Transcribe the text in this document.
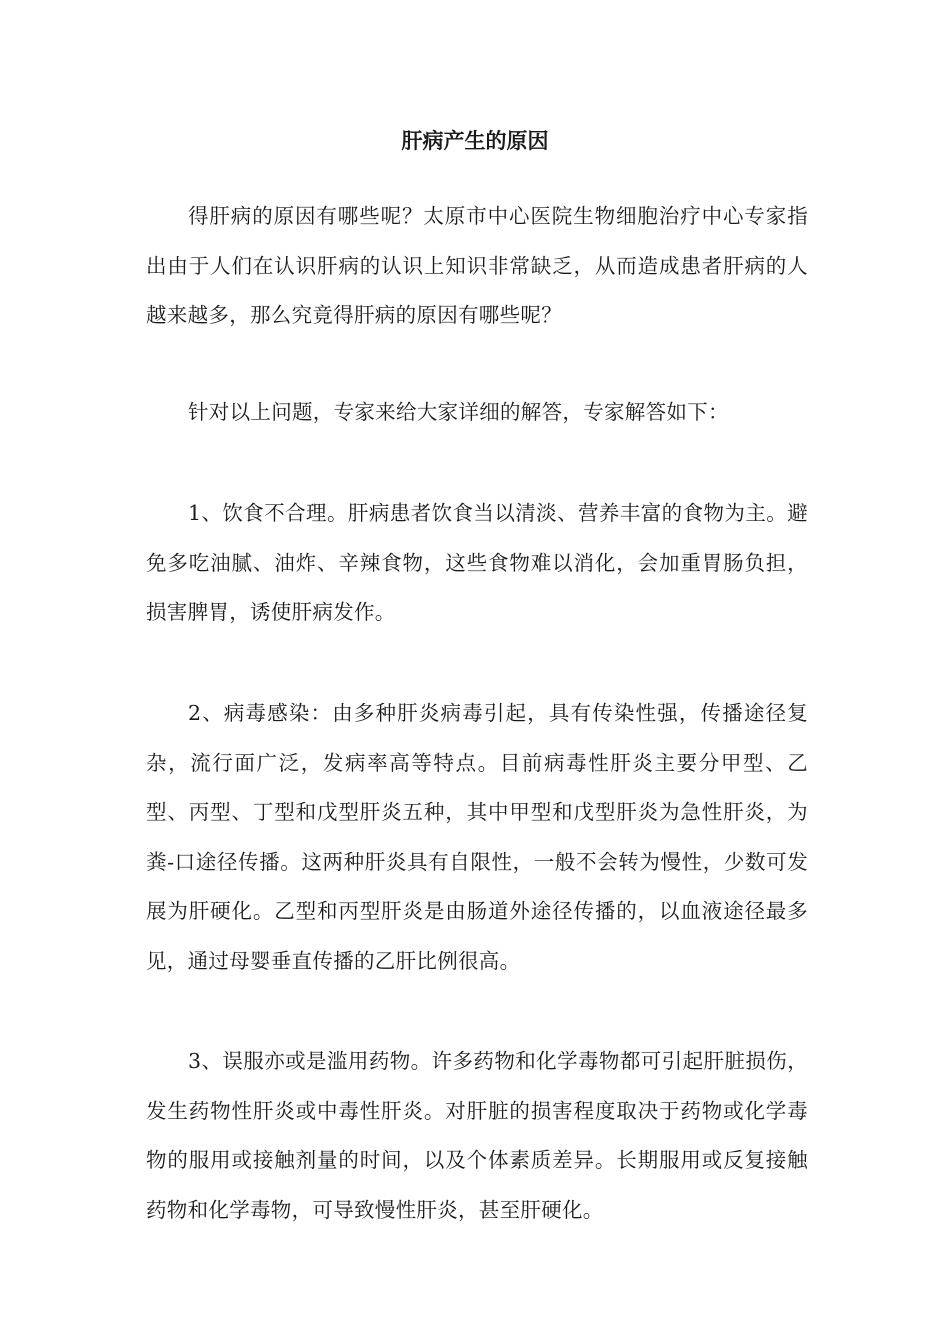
肝病产生的原因

得肝病的原因有哪些呢？太原市中心医院生物细胞治疗中心专家指出由于人们在认识肝病的认识上知识非常缺乏，从而造成患者肝病的人越来越多，那么究竟得肝病的原因有哪些呢？

针对以上问题，专家来给大家详细的解答，专家解答如下：

1、饮食不合理。肝病患者饮食当以清淡、营养丰富的食物为主。避免多吃油腻、油炸、辛辣食物，这些食物难以消化，会加重胃肠负担，损害脾胃，诱使肝病发作。

2、病毒感染：由多种肝炎病毒引起，具有传染性强，传播途径复杂，流行面广泛，发病率高等特点。目前病毒性肝炎主要分甲型、乙型、丙型、丁型和戊型肝炎五种，其中甲型和戊型肝炎为急性肝炎，为粪-口途径传播。这两种肝炎具有自限性，一般不会转为慢性，少数可发展为肝硬化。乙型和丙型肝炎是由肠道外途径传播的，以血液途径最多见，通过母婴垂直传播的乙肝比例很高。

3、误服亦或是滥用药物。许多药物和化学毒物都可引起肝脏损伤，发生药物性肝炎或中毒性肝炎。对肝脏的损害程度取决于药物或化学毒物的服用或接触剂量的时间，以及个体素质差异。长期服用或反复接触药物和化学毒物，可导致慢性肝炎，甚至肝硬化。
